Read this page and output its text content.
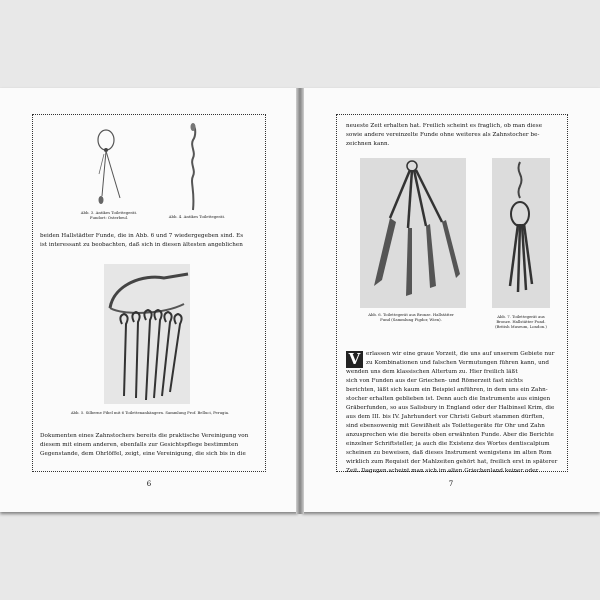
Abb. 3. Antikes Toilettegerät.
Fundort: Osterbeul.	Abb. 4. Antikes Toilettegerät.

beiden Hallstädter Funde, die in Abb. 6 und 7 wiedergegeben sind. Es

ist interessant zu beobachten, daß sich in diesen ältesten angeblichen

Abb. 5. Silberne Fibel mit 6 Toilettenanhängern. Sammlung Prof. Belluci, Perugia.

Dokumenten eines Zahnstochers bereits die praktische Vereinigung von

diesem mit einem anderen, ebenfalls zur Gesichtspflege bestimmten

Gegenstande, dem Ohrlöffel, zeigt, eine Vereinigung, die sich bis in die

6

neueste Zeit erhalten hat. Freilich scheint es fraglich, ob man diese

sowie andere vereinzelte Funde ohne weiteres als Zahnstocher be-

zeichnen kann.

Abb. 6. Toilettegerät aus Bronze. Hallstätter
Fund (Sammlung Figdor, Wien).
Abb. 7. Toilettegerät aus
Bronze. Hallstätter Fund.
(British Museum, London.)
V	erlassen wir eine graue Vorzeit, die uns auf unserem Gebiete nur

zu Kombinationen und falschen Vermutungen führen kann, und

wenden uns dem klassischen Altertum zu. Hier freilich läßt

sich von Funden aus der Griechen- und Römerzeit fast nichts

berichten, läßt sich kaum ein Beispiel anführen, in dem uns ein Zahn-

stocher erhalten geblieben ist. Denn auch die Instrumente aus einigen

Gräberfunden, so aus Salisbury in England oder der Halbinsel Krim, die

aus dem III. bis IV. Jahrhundert vor Christi Geburt stammen dürften,

sind ebensowenig mit Gewißheit als Toilettegeräte für Ohr und Zahn

anzusprechen wie die bereits oben erwähnten Funde. Aber die Berichte

einzelner Schriftsteller, ja auch die Existenz des Wortes dentiscalpium

scheinen zu beweisen, daß dieses Instrument wenigstens im alten Rom

wirklich zum Requisit der Mahlzeiten gehört hat, freilich erst in späterer

Zeit. Dagegen scheint man sich im alten Griechenland keiner oder

7
